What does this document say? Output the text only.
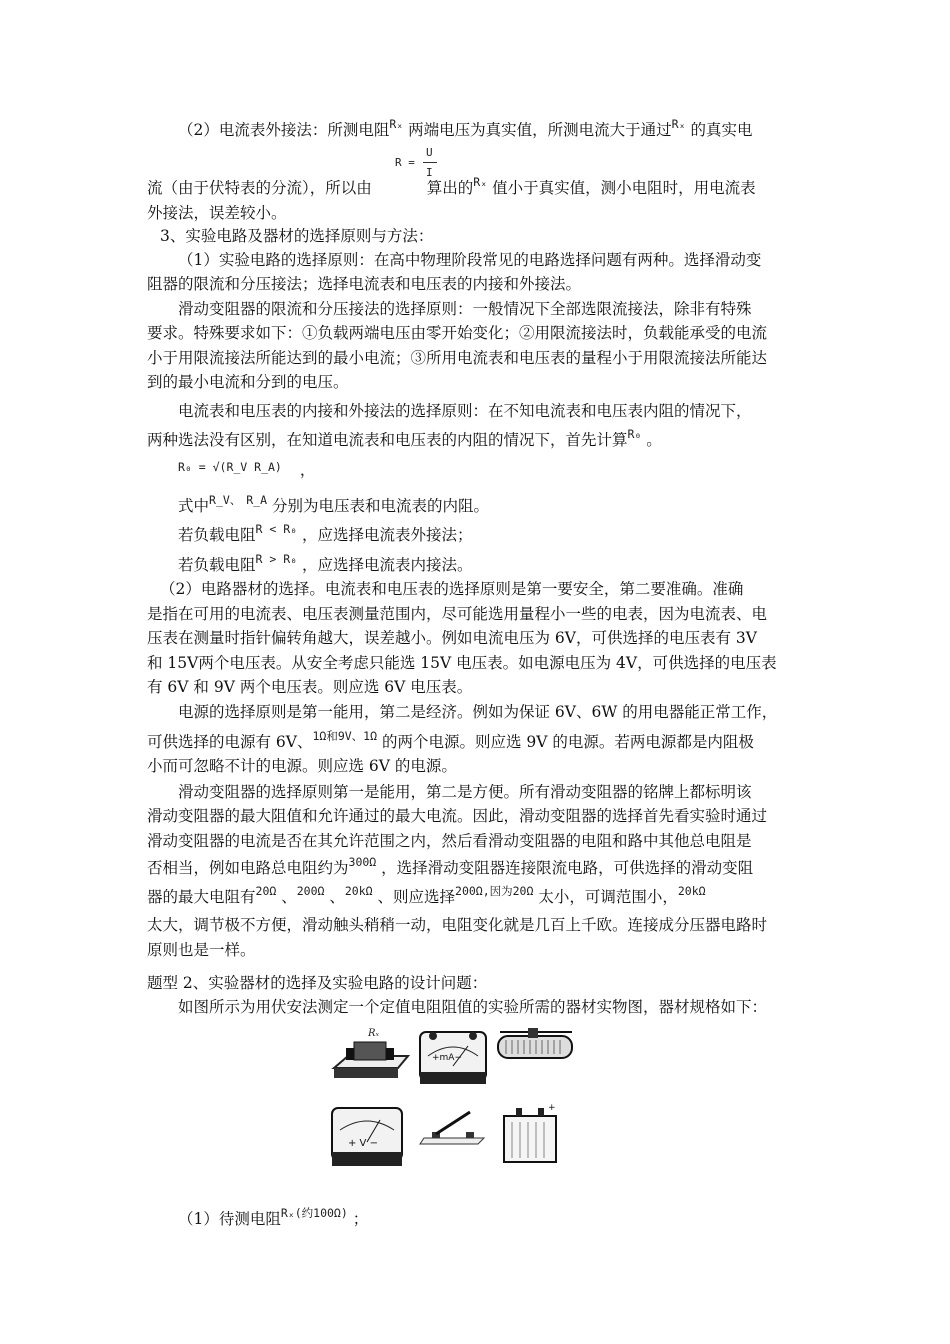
（2）电流表外接法：所测电阻$^{R_x}$ 两端电压为真实值，所测电流大于通过$^{R_x}$ 的真实电
R =
U
I
流（由于伏特表的分流），所以由	算出的$^{R_x}$ 值小于真实值，测小电阻时，用电流表
外接法，误差较小。
3、实验电路及器材的选择原则与方法：
（1）实验电路的选择原则：在高中物理阶段常见的电路选择问题有两种。选择滑动变
阻器的限流和分压接法；选择电流表和电压表的内接和外接法。
滑动变阻器的限流和分压接法的选择原则：一般情况下全部选限流接法，除非有特殊
要求。特殊要求如下：①负载两端电压由零开始变化；②用限流接法时，负载能承受的电流
小于用限流接法所能达到的最小电流；③所用电流表和电压表的量程小于用限流接法所能达
到的最小电流和分到的电压。
电流表和电压表的内接和外接法的选择原则：在不知电流表和电压表内阻的情况下，
两种选法没有区别，在知道电流表和电压表的内阻的情况下，首先计算$^{R_0}$ 。
$^{R_0 = √(R\_V R\_A)}$ ，
式中$^{R\_V、}$ $^{R\_A}$ 分别为电压表和电流表的内阻。
若负载电阻$^{R < R_0}$ ，应选择电流表外接法；
若负载电阻$^{R > R_0}$ ，应选择电流表内接法。
（2）电路器材的选择。电流表和电压表的选择原则是第一要安全，第二要准确。准确
是指在可用的电流表、电压表测量范围内，尽可能选用量程小一些的电表，因为电流表、电
压表在测量时指针偏转角越大，误差越小。例如电流电压为 6V，可供选择的电压表有 3V
和 15V两个电压表。从安全考虑只能选 15V 电压表。如电源电压为 4V，可供选择的电压表
有 6V 和 9V 两个电压表。则应选 6V 电压表。
电源的选择原则是第一能用，第二是经济。例如为保证 6V、6W 的用电器能正常工作，
可供选择的电源有 6V、$^{1\Omega 和9V、1\Omega}$ 的两个电源。则应选 9V 的电源。若两电源都是内阻极
小而可忽略不计的电源。则应选 6V 的电源。
滑动变阻器的选择原则第一是能用，第二是方便。所有滑动变阻器的铭牌上都标明该
滑动变阻器的最大阻值和允许通过的最大电流。因此，滑动变阻器的选择首先看实验时通过
滑动变阻器的电流是否在其允许范围之内，然后看滑动变阻器的电阻和路中其他总电阻是
否相当，例如电路总电阻约为$^{300\Omega}$ ，选择滑动变阻器连接限流电路，可供选择的滑动变阻
器的最大电阻有$^{20\Omega}$ 、$^{200\Omega}$ 、$^{20k\Omega}$ 、则应选择$^{200\Omega,因为20\Omega}$ 太小，可调范围小，$^{20k\Omega}$
太大，调节极不方便，滑动触头稍稍一动，电阻变化就是几百上千欧。连接成分压器电路时
原则也是一样。
题型 2、实验器材的选择及实验电路的设计问题：
如图所示为用伏安法测定一个定值电阻阻值的实验所需的器材实物图，器材规格如下：
Rₓ
+mA−
+ V −
+
（1）待测电阻$^{R_x(约100\Omega)}$ ；
